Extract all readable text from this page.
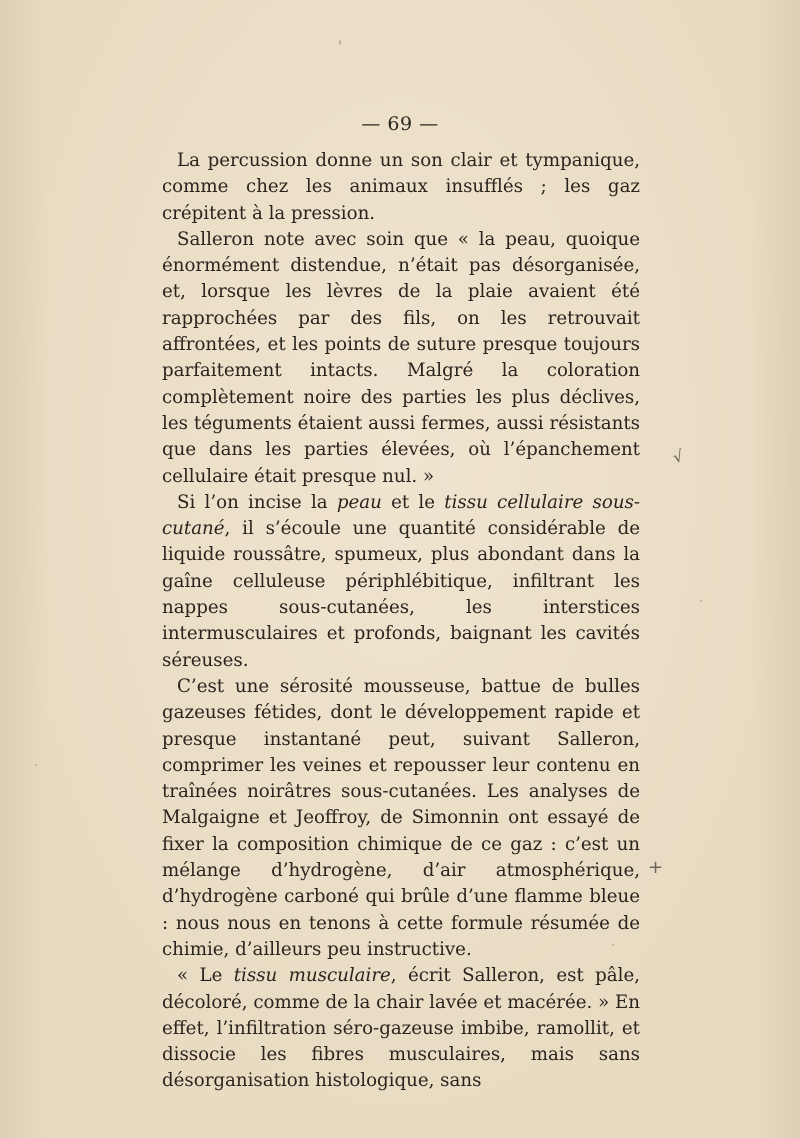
— 69 —

La percussion donne un son clair et tympanique, comme chez les animaux insufflés ; les gaz crépitent à la pression.

Salleron note avec soin que « la peau, quoique énormément distendue, n’était pas désorganisée, et, lorsque les lèvres de la plaie avaient été rapprochées par des fils, on les retrouvait affrontées, et les points de suture presque toujours parfaitement intacts. Malgré la coloration complètement noire des parties les plus déclives, les téguments étaient aussi fermes, aussi résistants que dans les parties élevées, où l’épanchement cellulaire était presque nul. »

Si l’on incise la peau et le tissu cellulaire sous-cutané, il s’écoule une quantité considérable de liquide roussâtre, spumeux, plus abondant dans la gaîne celluleuse périphlébitique, infiltrant les nappes sous-cutanées, les interstices intermusculaires et profonds, baignant les cavités séreuses.

C’est une sérosité mousseuse, battue de bulles gazeuses fétides, dont le développement rapide et presque instantané peut, suivant Salleron, comprimer les veines et repousser leur contenu en traînées noirâtres sous-cutanées. Les analyses de Malgaigne et Jeoffroy, de Simonnin ont essayé de fixer la composition chimique de ce gaz : c’est un mélange d’hydrogène, d’air atmosphérique, d’hydrogène carboné qui brûle d’une flamme bleue : nous nous en tenons à cette formule résumée de chimie, d’ailleurs peu instructive.

« Le tissu musculaire, écrit Salleron, est pâle, décoloré, comme de la chair lavée et macérée. » En effet, l’infiltration séro-gazeuse imbibe, ramollit, et dissocie les fibres musculaires, mais sans désorganisation histologique, sans

√
+
